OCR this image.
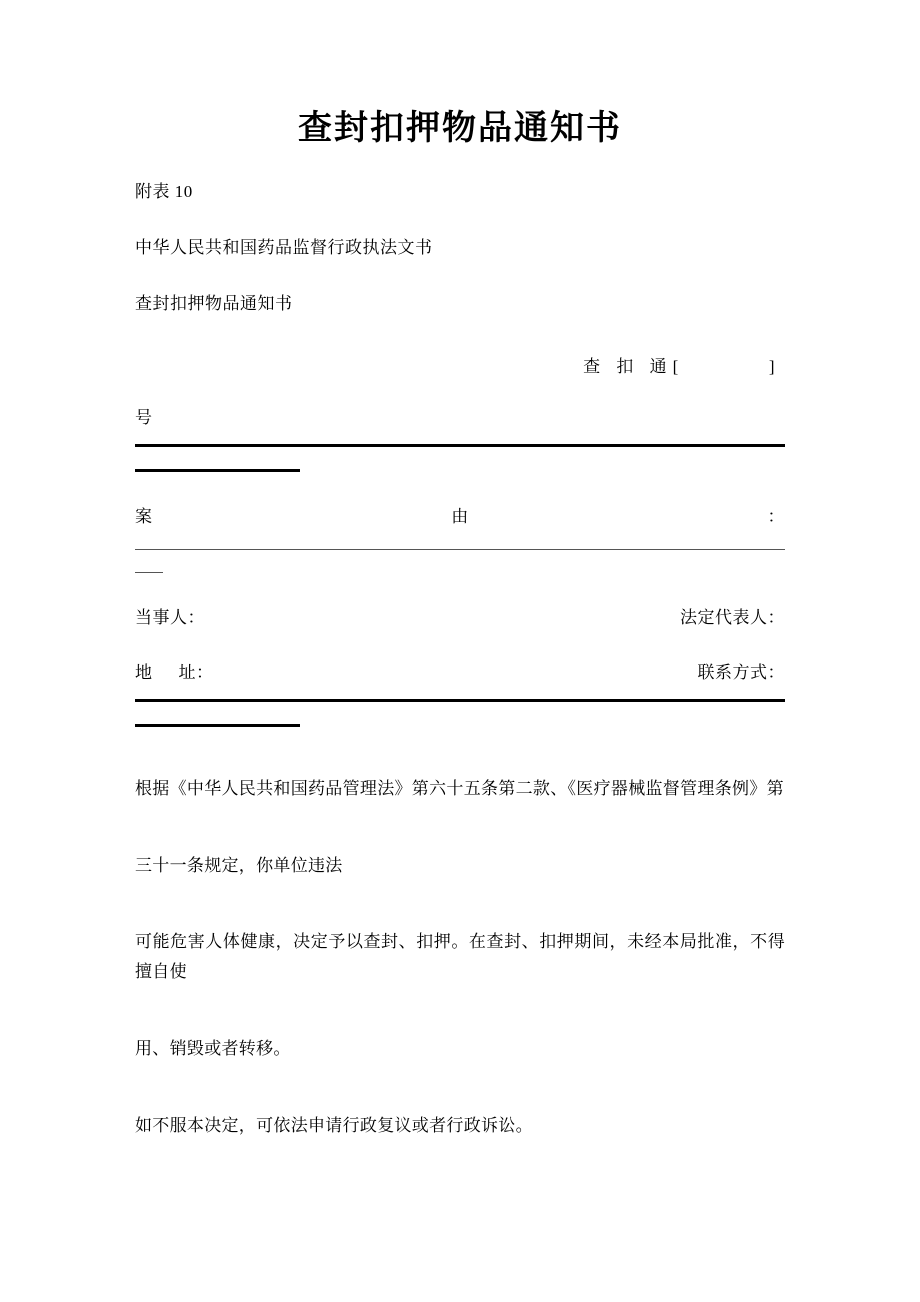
查封扣押物品通知书

附表 10

中华人民共和国药品监督行政执法文书

查封扣押物品通知书

查 扣 通[	]
号
案	由	：
当事人：	法定代表人：
地 址：	联系方式：

根据《中华人民共和国药品管理法》第六十五条第二款、《医疗器械监督管理条例》第

三十一条规定，你单位违法

可能危害人体健康，决定予以查封、扣押。在查封、扣押期间，未经本局批准，不得擅自使

用、销毁或者转移。

如不服本决定，可依法申请行政复议或者行政诉讼。
